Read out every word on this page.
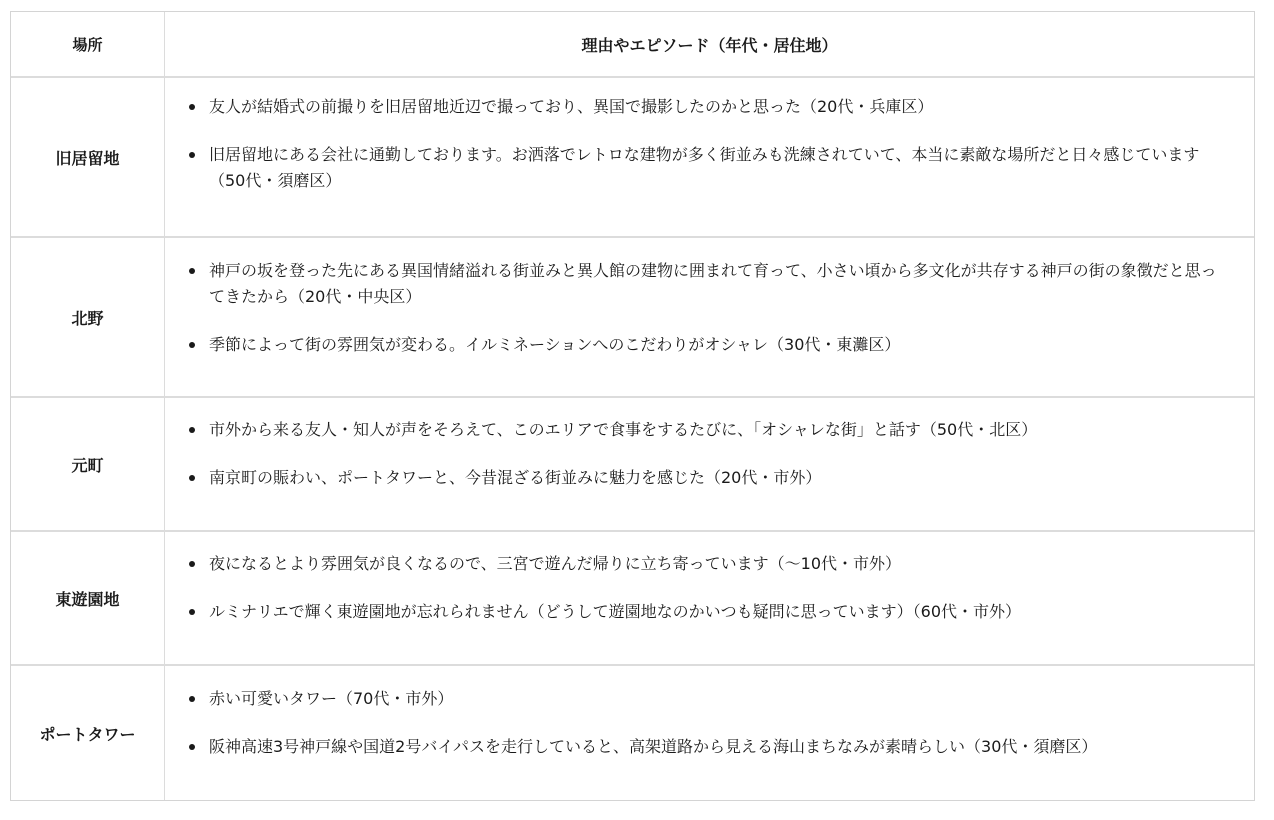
場所	理由やエピソード（年代・居住地）
旧居留地
友人が結婚式の前撮りを旧居留地近辺で撮っており、異国で撮影したのかと思った（20代・兵庫区）
旧居留地にある会社に通勤しております。お洒落でレトロな建物が多く街並みも洗練されていて、本当に素敵な場所だと日々感じています（50代・須磨区）
北野
神戸の坂を登った先にある異国情緒溢れる街並みと異人館の建物に囲まれて育って、小さい頃から多文化が共存する神戸の街の象徴だと思ってきたから（20代・中央区）
季節によって街の雰囲気が変わる。イルミネーションへのこだわりがオシャレ（30代・東灘区）
元町
市外から来る友人・知人が声をそろえて、このエリアで食事をするたびに、「オシャレな街」と話す（50代・北区）
南京町の賑わい、ポートタワーと、今昔混ざる街並みに魅力を感じた（20代・市外）
東遊園地
夜になるとより雰囲気が良くなるので、三宮で遊んだ帰りに立ち寄っています（〜10代・市外）
ルミナリエで輝く東遊園地が忘れられません（どうして遊園地なのかいつも疑問に思っています）（60代・市外）
ポートタワー
赤い可愛いタワー（70代・市外）
阪神高速3号神戸線や国道2号バイパスを走行していると、高架道路から見える海山まちなみが素晴らしい（30代・須磨区）
